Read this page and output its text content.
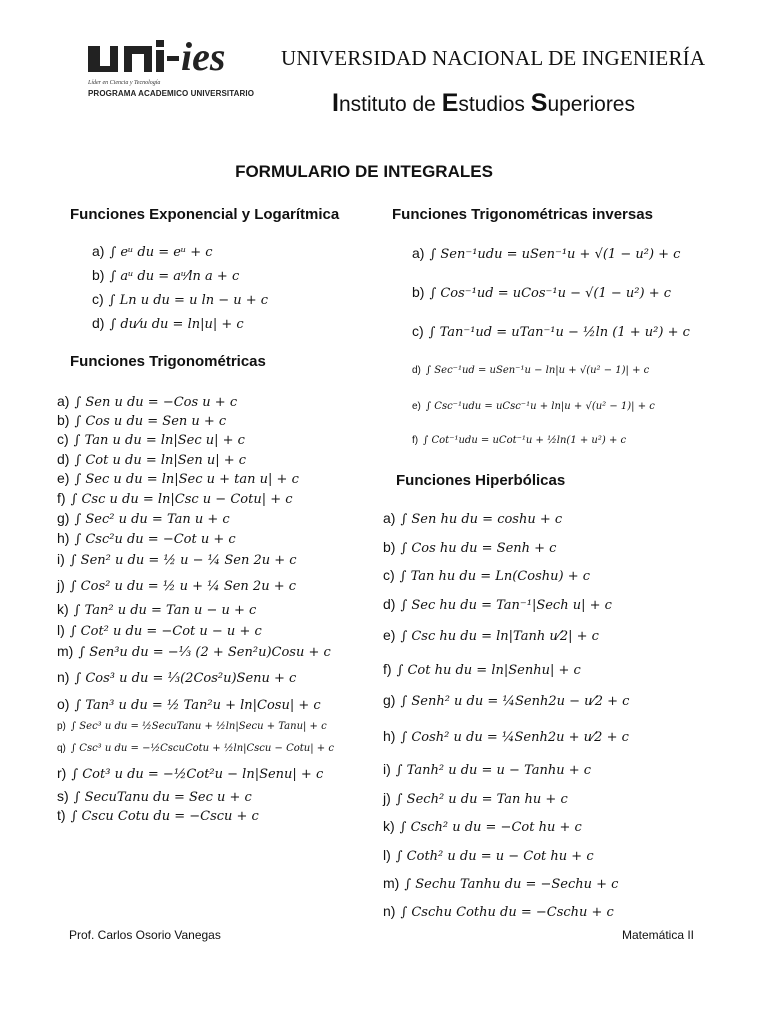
ies
Líder en Ciencia y Tecnología
PROGRAMA ACADEMICO UNIVERSITARIO
UNIVERSIDAD NACIONAL DE INGENIERÍA
Instituto de Estudios Superiores
FORMULARIO DE INTEGRALES
Funciones Exponencial y Logarítmica
a) ∫ eᵘ du = eᵘ + c
b) ∫ aᵘ du = aᵘ⁄ln a + c
c) ∫ Ln u du = u ln − u + c
d) ∫ du⁄u du = ln|u| + c
Funciones Trigonométricas
a) ∫ Sen u du = −Cos u + c
b) ∫ Cos u du = Sen u + c
c) ∫ Tan u du = ln|Sec u| + c
d) ∫ Cot u du = ln|Sen u| + c
e) ∫ Sec u du = ln|Sec u + tan u| + c
f) ∫ Csc u du = ln|Csc u − Cotu| + c
g) ∫ Sec² u du = Tan u + c
h) ∫ Csc²u du = −Cot u + c
i) ∫ Sen² u du = ½ u − ¼ Sen 2u + c
j) ∫ Cos² u du = ½ u + ¼ Sen 2u + c
k) ∫ Tan² u du = Tan u − u + c
l) ∫ Cot² u du = −Cot u − u + c
m) ∫ Sen³u du = −⅓ (2 + Sen²u)Cosu + c
n) ∫ Cos³ u du = ⅓(2Cos²u)Senu + c
o) ∫ Tan³ u du = ½ Tan²u + ln|Cosu| + c
p) ∫ Sec³ u du = ½SecuTanu + ½ln|Secu + Tanu| + c
q) ∫ Csc³ u du = −½CscuCotu + ½ln|Cscu − Cotu| + c
r) ∫ Cot³ u du = −½Cot²u − ln|Senu| + c
s) ∫ SecuTanu du = Sec u + c
t) ∫ Cscu Cotu du = −Cscu + c
Funciones Trigonométricas inversas
a) ∫ Sen⁻¹udu = uSen⁻¹u + √(1 − u²) + c
b) ∫ Cos⁻¹ud = uCos⁻¹u − √(1 − u²) + c
c) ∫ Tan⁻¹ud = uTan⁻¹u − ½ln (1 + u²) + c
d) ∫ Sec⁻¹ud = uSen⁻¹u − ln|u + √(u² − 1)| + c
e) ∫ Csc⁻¹udu = uCsc⁻¹u + ln|u + √(u² − 1)| + c
f) ∫ Cot⁻¹udu = uCot⁻¹u + ½ln(1 + u²) + c
Funciones Hiperbólicas
a) ∫ Sen hu du = coshu + c
b) ∫ Cos hu du = Senh + c
c) ∫ Tan hu du = Ln(Coshu) + c
d) ∫ Sec hu du = Tan⁻¹|Sech u| + c
e) ∫ Csc hu du = ln|Tanh u⁄2| + c
f) ∫ Cot hu du = ln|Senhu| + c
g) ∫ Senh² u du = ¼Senh2u − u⁄2 + c
h) ∫ Cosh² u du = ¼Senh2u + u⁄2 + c
i) ∫ Tanh² u du = u − Tanhu + c
j) ∫ Sech² u du = Tan hu + c
k) ∫ Csch² u du = −Cot hu + c
l) ∫ Coth² u du = u − Cot hu + c
m) ∫ Sechu Tanhu du = −Sechu + c
n) ∫ Cschu Cothu du = −Cschu + c
Prof. Carlos Osorio Vanegas	Matemática II
